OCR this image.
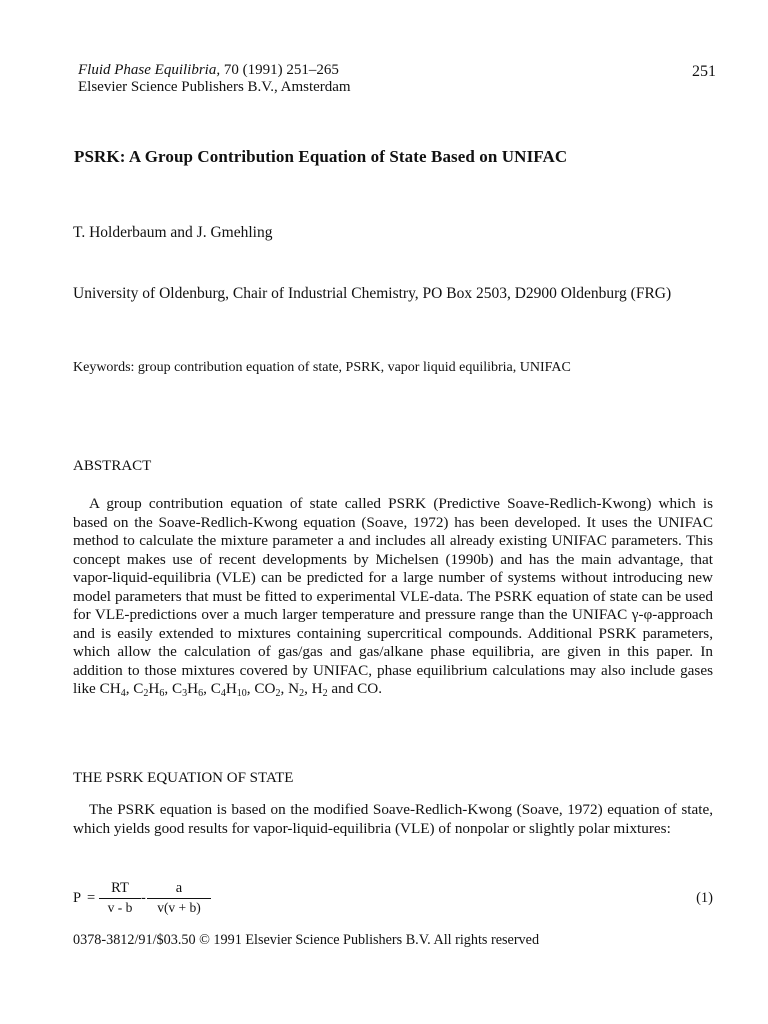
Fluid Phase Equilibria, 70 (1991) 251–265
Elsevier Science Publishers B.V., Amsterdam
251
PSRK: A Group Contribution Equation of State Based on UNIFAC
T. Holderbaum and J. Gmehling
University of Oldenburg, Chair of Industrial Chemistry, PO Box 2503, D2900 Oldenburg (FRG)
Keywords: group contribution equation of state, PSRK, vapor liquid equilibria, UNIFAC
ABSTRACT

A group contribution equation of state called PSRK (Predictive Soave-Redlich-Kwong) which is based on the Soave-Redlich-Kwong equation (Soave, 1972) has been developed. It uses the UNIFAC method to calculate the mixture parameter a and includes all already existing UNIFAC parameters. This concept makes use of recent developments by Michelsen (1990b) and has the main advantage, that vapor-liquid-equilibria (VLE) can be predicted for a large number of systems without introducing new model parameters that must be fitted to experimental VLE-data. The PSRK equation of state can be used for VLE-predictions over a much larger temperature and pressure range than the UNIFAC γ-φ-approach and is easily extended to mixtures containing supercritical compounds. Additional PSRK parameters, which allow the calculation of gas/gas and gas/alkane phase equilibria, are given in this paper. In addition to those mixtures covered by UNIFAC, phase equilibrium calculations may also include gases like $CH_4$, $C_2H_6$, $C_3H_6$, $C_4H_{10}$, $CO_2$, $N_2$, $H_2$ and CO.

THE PSRK EQUATION OF STATE

The PSRK equation is based on the modified Soave-Redlich-Kwong (Soave, 1972) equation of state, which yields good results for vapor-liquid-equilibria (VLE) of nonpolar or slightly polar mixtures:

$P = \frac{RT}{v - b} - \frac{a}{v(v + b)}$	(1)
0378-3812/91/$03.50 © 1991 Elsevier Science Publishers B.V. All rights reserved
